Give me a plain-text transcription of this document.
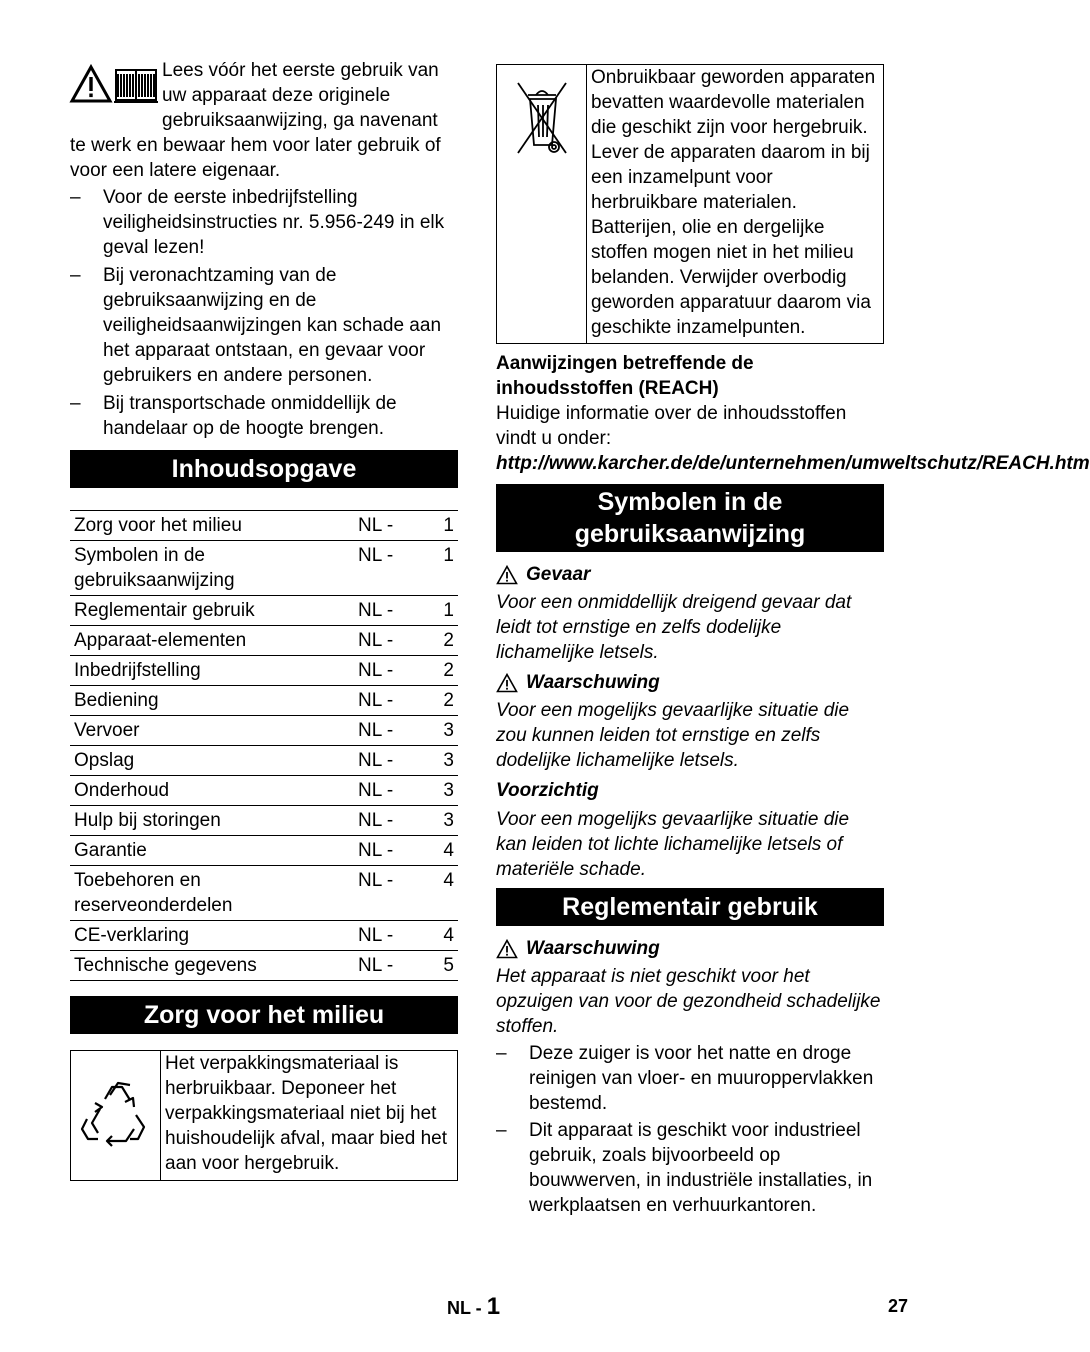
Lees vóór het eerste gebruik van uw apparaat deze originele gebruiksaanwijzing, ga navenant te werk en bewaar hem voor later gebruik of voor een latere eigenaar.

– Voor de eerste inbedrijfstelling veiligheidsinstructies nr. 5.956-249 in elk geval lezen!
– Bij veronachtzaming van de gebruiksaanwijzing en de veiligheidsaanwijzingen kan schade aan het apparaat ontstaan, en gevaar voor gebruikers en andere personen.
– Bij transportschade onmiddellijk de handelaar op de hoogte brengen.
Inhoudsopgave
Zorg voor het milieu	NL -	1
Symbolen in de gebruiksaanwijzing	NL -	1
Reglementair gebruik	NL -	1
Apparaat-elementen	NL -	2
Inbedrijfstelling	NL -	2
Bediening	NL -	2
Vervoer	NL -	3
Opslag	NL -	3
Onderhoud	NL -	3
Hulp bij storingen	NL -	3
Garantie	NL -	4
Toebehoren en reserveonderdelen	NL -	4
CE-verklaring	NL -	4
Technische gegevens	NL -	5
Zorg voor het milieu

Het verpakkingsmateriaal is herbruikbaar. Deponeer het verpakkingsmateriaal niet bij het huishoudelijk afval, maar bied het aan voor hergebruik.

Onbruikbaar geworden apparaten bevatten waardevolle materialen die geschikt zijn voor hergebruik. Lever de apparaten daarom in bij een inzamelpunt voor herbruikbare materialen. Batterijen, olie en dergelijke stoffen mogen niet in het milieu belanden. Verwijder overbodig geworden apparatuur daarom via geschikte inzamelpunten.

Aanwijzingen betreffende de inhoudsstoffen (REACH)

Huidige informatie over de inhoudsstoffen vindt u onder:

http://www.karcher.de/de/unternehmen/umweltschutz/REACH.htm

Symbolen in de gebruiksaanwijzing
Gevaar

Voor een onmiddellijk dreigend gevaar dat leidt tot ernstige en zelfs dodelijke lichamelijke letsels.

Waarschuwing

Voor een mogelijks gevaarlijke situatie die zou kunnen leiden tot ernstige en zelfs dodelijke lichamelijke letsels.

Voorzichtig

Voor een mogelijks gevaarlijke situatie die kan leiden tot lichte lichamelijke letsels of materiële schade.

Reglementair gebruik
Waarschuwing

Het apparaat is niet geschikt voor het opzuigen van voor de gezondheid schadelijke stoffen.

– Deze zuiger is voor het natte en droge reinigen van vloer- en muuroppervlakken bestemd.
– Dit apparaat is geschikt voor industrieel gebruik, zoals bijvoorbeeld op bouwwerven, in industriële installaties, in werkplaatsen en verhuurkantoren.
NL - 1	27
